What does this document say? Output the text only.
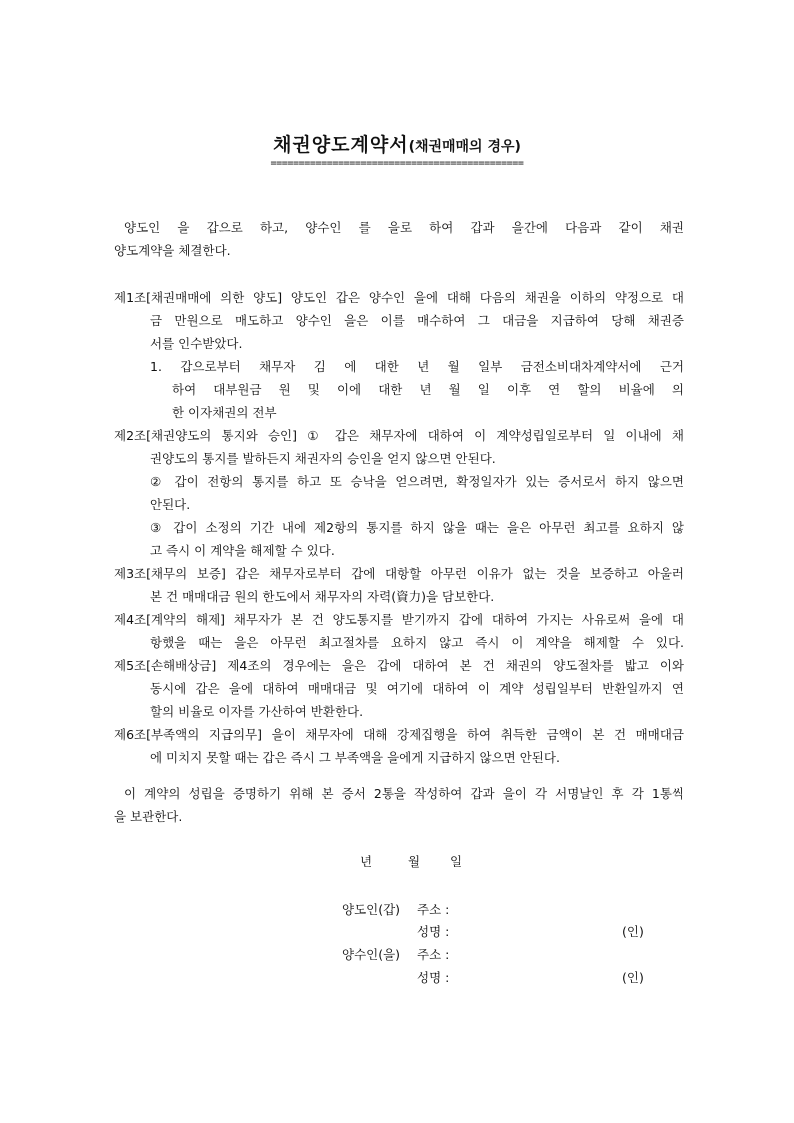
채권양도계약서(채권매매의 경우)
=============================================
양도인 을 갑으로 하고, 양수인 를 을로 하여 갑과 을간에 다음과 같이 채권
양도계약을 체결한다.
제1조[채권매매에 의한 양도] 양도인 갑은 양수인 을에 대해 다음의 채권을 이하의 약정으로 대
금 만원으로 매도하고 양수인 을은 이를 매수하여 그 대금을 지급하여 당해 채권증
서를 인수받았다.
1. 갑으로부터 채무자 김 에 대한 년 월 일부 금전소비대차계약서에 근거
하여 대부원금 원 및 이에 대한 년 월 일 이후 연 할의 비율에 의
한 이자채권의 전부
제2조[채권양도의 통지와 승인] ① 갑은 채무자에 대하여 이 계약성립일로부터 일 이내에 채
권양도의 통지를 발하든지 채권자의 승인을 얻지 않으면 안된다.
② 갑이 전항의 통지를 하고 또 승낙을 얻으려면, 확정일자가 있는 증서로서 하지 않으면
안된다.
③ 갑이 소정의 기간 내에 제2항의 통지를 하지 않을 때는 을은 아무런 최고를 요하지 않
고 즉시 이 계약을 해제할 수 있다.
제3조[채무의 보증] 갑은 채무자로부터 갑에 대항할 아무런 이유가 없는 것을 보증하고 아울러
본 건 매매대금 원의 한도에서 채무자의 자력(資力)을 담보한다.
제4조[계약의 해제] 채무자가 본 건 양도통지를 받기까지 갑에 대하여 가지는 사유로써 을에 대
항했을 때는 을은 아무런 최고절차를 요하지 않고 즉시 이 계약을 해제할 수 있다.
제5조[손해배상금] 제4조의 경우에는 을은 갑에 대하여 본 건 채권의 양도절차를 밟고 이와
동시에 갑은 을에 대하여 매매대금 및 여기에 대하여 이 계약 성립일부터 반환일까지 연
할의 비율로 이자를 가산하여 반환한다.
제6조[부족액의 지급의무] 을이 채무자에 대해 강제집행을 하여 취득한 금액이 본 건 매매대금
에 미치지 못할 때는 갑은 즉시 그 부족액을 을에게 지급하지 않으면 안된다.
이 계약의 성립을 증명하기 위해 본 증서 2통을 작성하여 갑과 을이 각 서명날인 후 각 1통씩
을 보관한다.
년	월 일
양도인(갑) 주소 :
성명 :	(인)
양수인(을) 주소 :
성명 :	(인)
